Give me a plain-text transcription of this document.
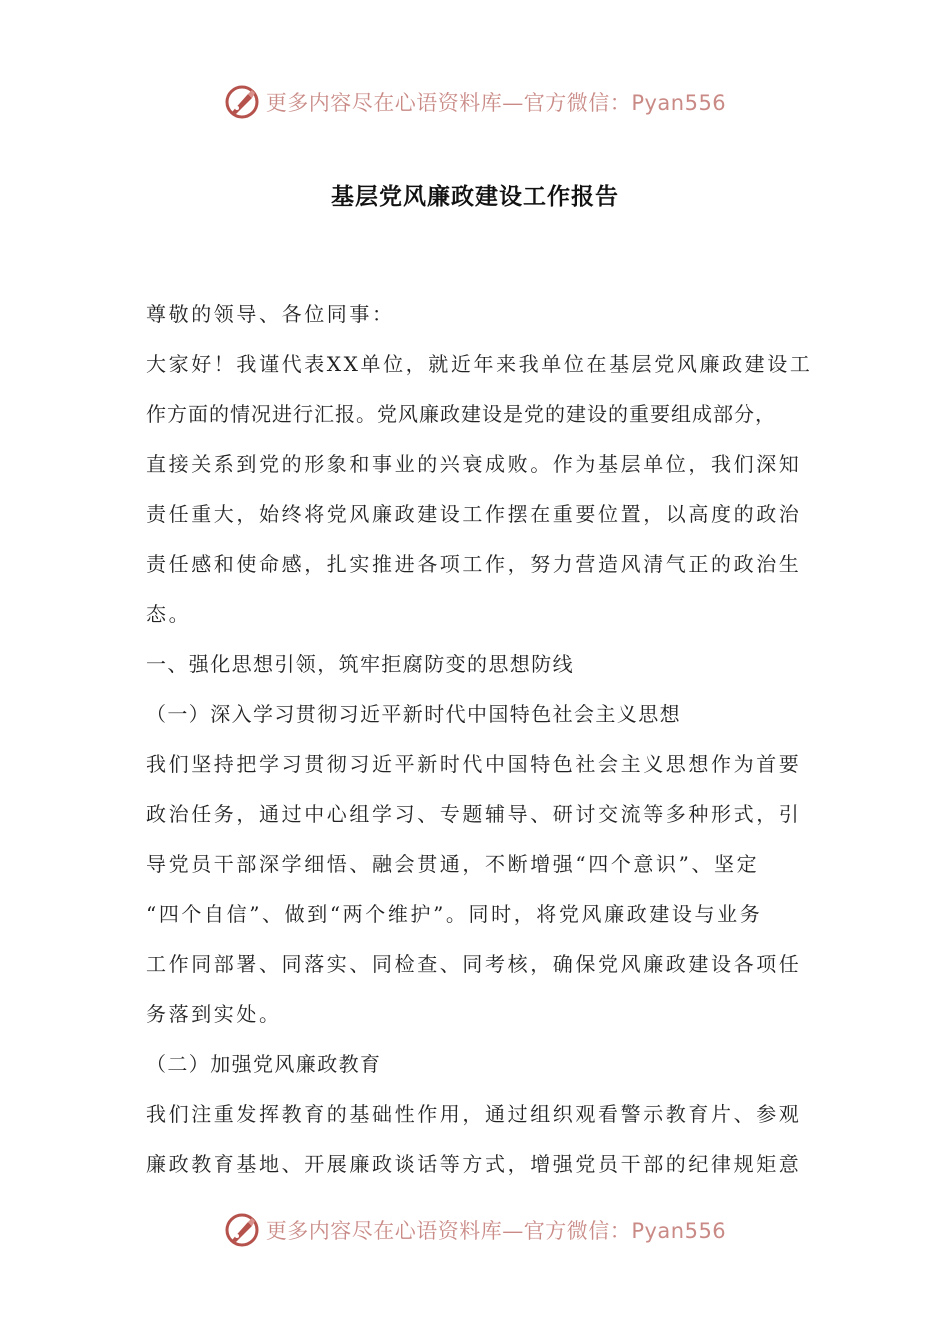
更多内容尽在心语资料库—官方微信：Pyan556
基层党风廉政建设工作报告
尊敬的领导、各位同事：
大家好！我谨代表XX单位，就近年来我单位在基层党风廉政建设工
作方面的情况进行汇报。党风廉政建设是党的建设的重要组成部分，
直接关系到党的形象和事业的兴衰成败。作为基层单位，我们深知
责任重大，始终将党风廉政建设工作摆在重要位置，以高度的政治
责任感和使命感，扎实推进各项工作，努力营造风清气正的政治生
态。
一、强化思想引领，筑牢拒腐防变的思想防线
（一）深入学习贯彻习近平新时代中国特色社会主义思想
我们坚持把学习贯彻习近平新时代中国特色社会主义思想作为首要
政治任务，通过中心组学习、专题辅导、研讨交流等多种形式，引
导党员干部深学细悟、融会贯通，不断增强“四个意识”、坚定
“四个自信”、做到“两个维护”。同时，将党风廉政建设与业务
工作同部署、同落实、同检查、同考核，确保党风廉政建设各项任
务落到实处。
（二）加强党风廉政教育
我们注重发挥教育的基础性作用，通过组织观看警示教育片、参观
廉政教育基地、开展廉政谈话等方式，增强党员干部的纪律规矩意
更多内容尽在心语资料库—官方微信：Pyan556
